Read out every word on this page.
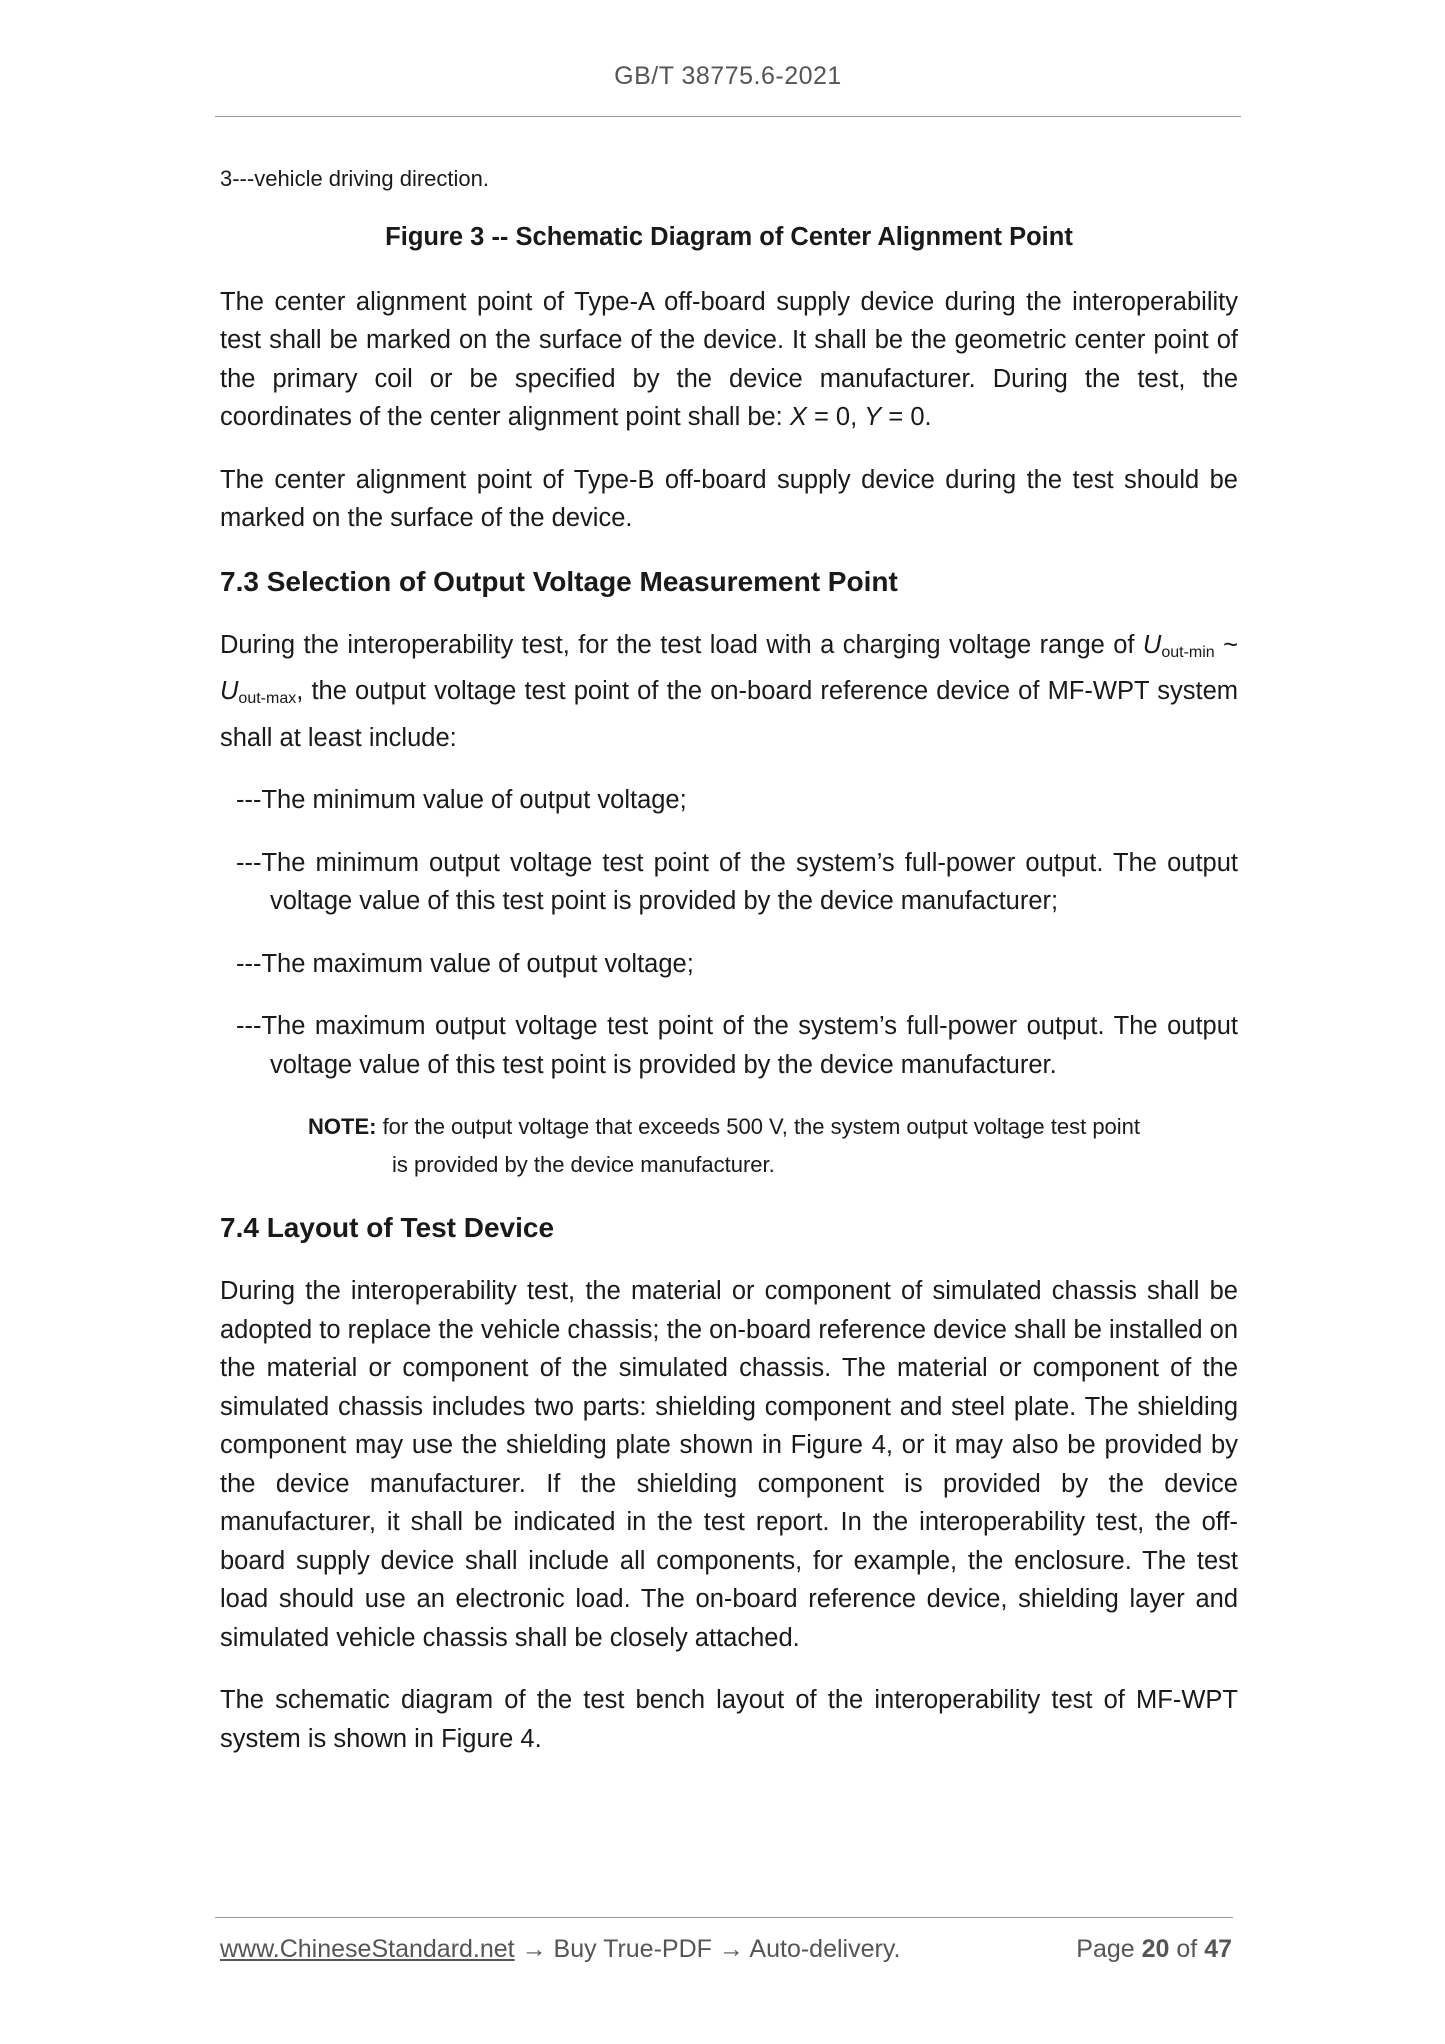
GB/T 38775.6-2021

3---vehicle driving direction.

Figure 3 -- Schematic Diagram of Center Alignment Point

The center alignment point of Type-A off-board supply device during the interoperability test shall be marked on the surface of the device. It shall be the geometric center point of the primary coil or be specified by the device manufacturer. During the test, the coordinates of the center alignment point shall be: X = 0, Y = 0.

The center alignment point of Type-B off-board supply device during the test should be marked on the surface of the device.

7.3 Selection of Output Voltage Measurement Point

During the interoperability test, for the test load with a charging voltage range of $U_{out-min}$ ~ $U_{out-max}$, the output voltage test point of the on-board reference device of MF-WPT system shall at least include:

---The minimum value of output voltage;

---The minimum output voltage test point of the system’s full-power output. The output voltage value of this test point is provided by the device manufacturer;

---The maximum value of output voltage;

---The maximum output voltage test point of the system’s full-power output. The output voltage value of this test point is provided by the device manufacturer.

NOTE: for the output voltage that exceeds 500 V, the system output voltage test point
is provided by the device manufacturer.

7.4 Layout of Test Device

During the interoperability test, the material or component of simulated chassis shall be adopted to replace the vehicle chassis; the on-board reference device shall be installed on the material or component of the simulated chassis. The material or component of the simulated chassis includes two parts: shielding component and steel plate. The shielding component may use the shielding plate shown in Figure 4, or it may also be provided by the device manufacturer. If the shielding component is provided by the device manufacturer, it shall be indicated in the test report. In the interoperability test, the off-board supply device shall include all components, for example, the enclosure. The test load should use an electronic load. The on-board reference device, shielding layer and simulated vehicle chassis shall be closely attached.

The schematic diagram of the test bench layout of the interoperability test of MF-WPT system is shown in Figure 4.

www.ChineseStandard.net → Buy True-PDF → Auto-delivery.	Page 20 of 47
